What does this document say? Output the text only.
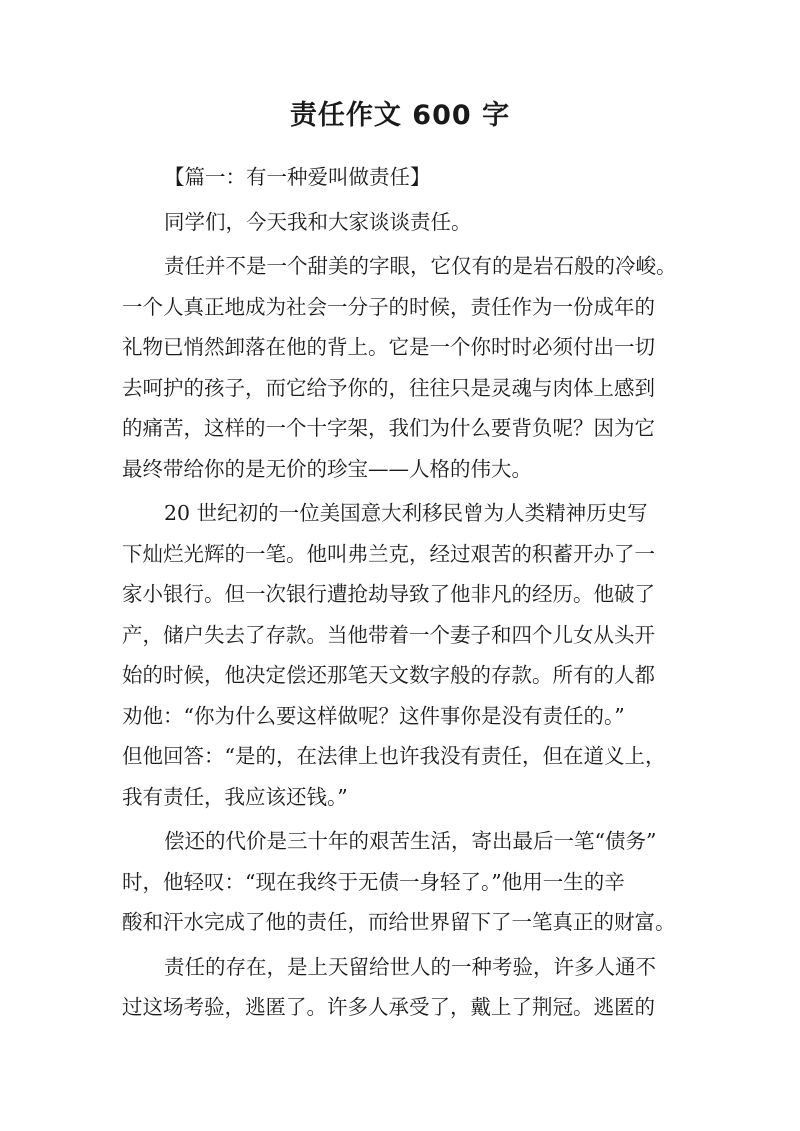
责任作文 600 字
【篇一：有一种爱叫做责任】
同学们，今天我和大家谈谈责任。
责任并不是一个甜美的字眼，它仅有的是岩石般的冷峻。
一个人真正地成为社会一分子的时候，责任作为一份成年的
礼物已悄然卸落在他的背上。它是一个你时时必须付出一切
去呵护的孩子，而它给予你的，往往只是灵魂与肉体上感到
的痛苦，这样的一个十字架，我们为什么要背负呢？因为它
最终带给你的是无价的珍宝——人格的伟大。
20 世纪初的一位美国意大利移民曾为人类精神历史写
下灿烂光辉的一笔。他叫弗兰克，经过艰苦的积蓄开办了一
家小银行。但一次银行遭抢劫导致了他非凡的经历。他破了
产，储户失去了存款。当他带着一个妻子和四个儿女从头开
始的时候，他决定偿还那笔天文数字般的存款。所有的人都
劝他：“你为什么要这样做呢？这件事你是没有责任的。”
但他回答：“是的，在法律上也许我没有责任，但在道义上，
我有责任，我应该还钱。”
偿还的代价是三十年的艰苦生活，寄出最后一笔“债务”
时，他轻叹：“现在我终于无债一身轻了。”他用一生的辛
酸和汗水完成了他的责任，而给世界留下了一笔真正的财富。
责任的存在，是上天留给世人的一种考验，许多人通不
过这场考验，逃匿了。许多人承受了，戴上了荆冠。逃匿的
